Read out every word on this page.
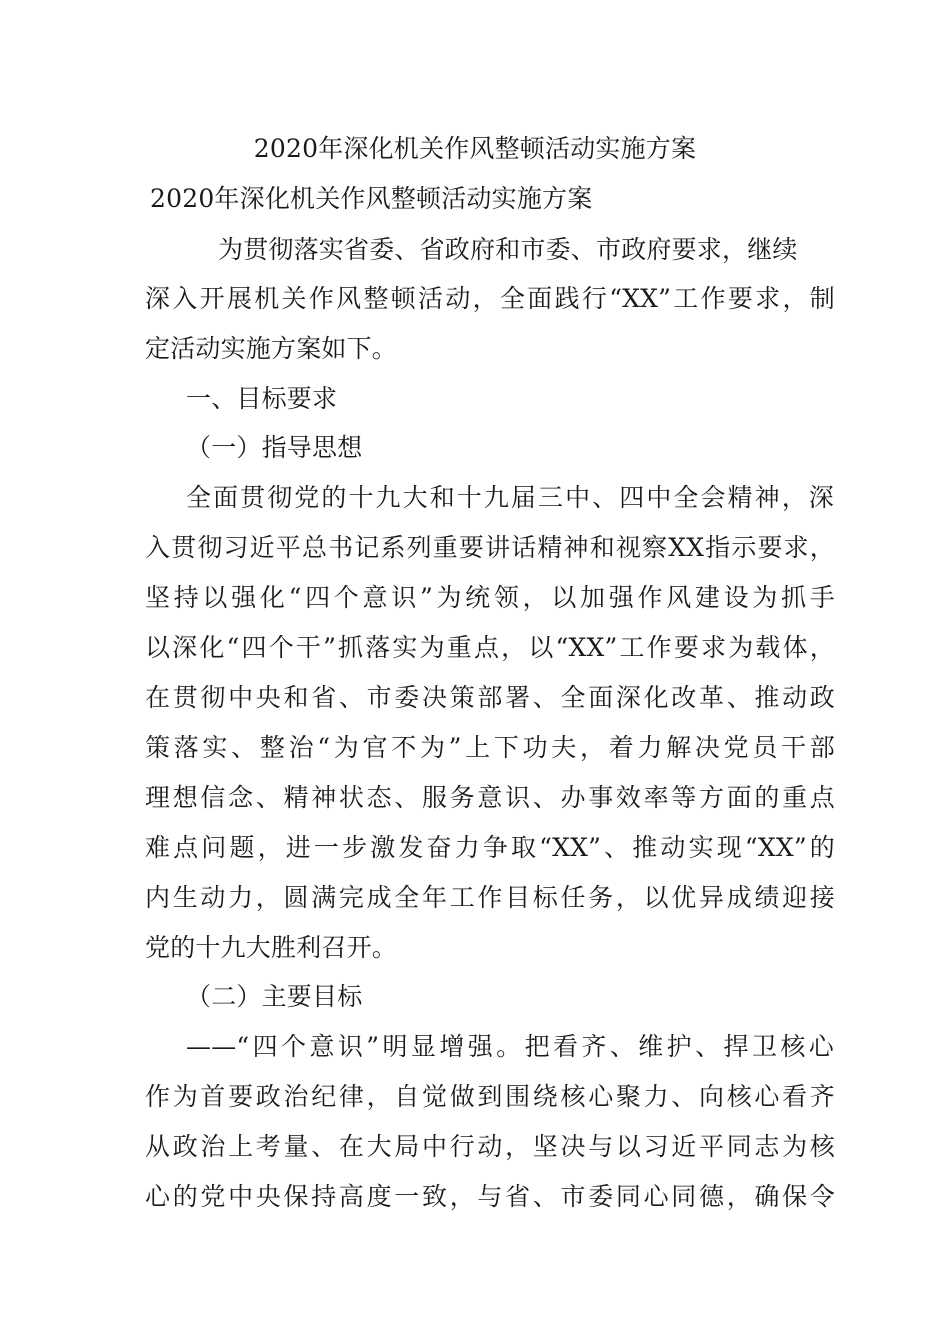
2020年深化机关作风整顿活动实施方案
2020年深化机关作风整顿活动实施方案
为贯彻落实省委、省政府和市委、市政府要求，继续
深入开展机关作风整顿活动，全面践行“XX”工作要求，制
定活动实施方案如下。
一、目标要求
（一）指导思想
全面贯彻党的十九大和十九届三中、四中全会精神，深
入贯彻习近平总书记系列重要讲话精神和视察XX指示要求，
坚持以强化“四个意识”为统领，以加强作风建设为抓手
以深化“四个干”抓落实为重点，以“XX”工作要求为载体，
在贯彻中央和省、市委决策部署、全面深化改革、推动政
策落实、整治“为官不为”上下功夫，着力解决党员干部
理想信念、精神状态、服务意识、办事效率等方面的重点
难点问题，进一步激发奋力争取“XX”、推动实现“XX”的
内生动力，圆满完成全年工作目标任务，以优异成绩迎接
党的十九大胜利召开。
（二）主要目标
——“四个意识”明显增强。把看齐、维护、捍卫核心
作为首要政治纪律，自觉做到围绕核心聚力、向核心看齐
从政治上考量、在大局中行动，坚决与以习近平同志为核
心的党中央保持高度一致，与省、市委同心同德，确保令
